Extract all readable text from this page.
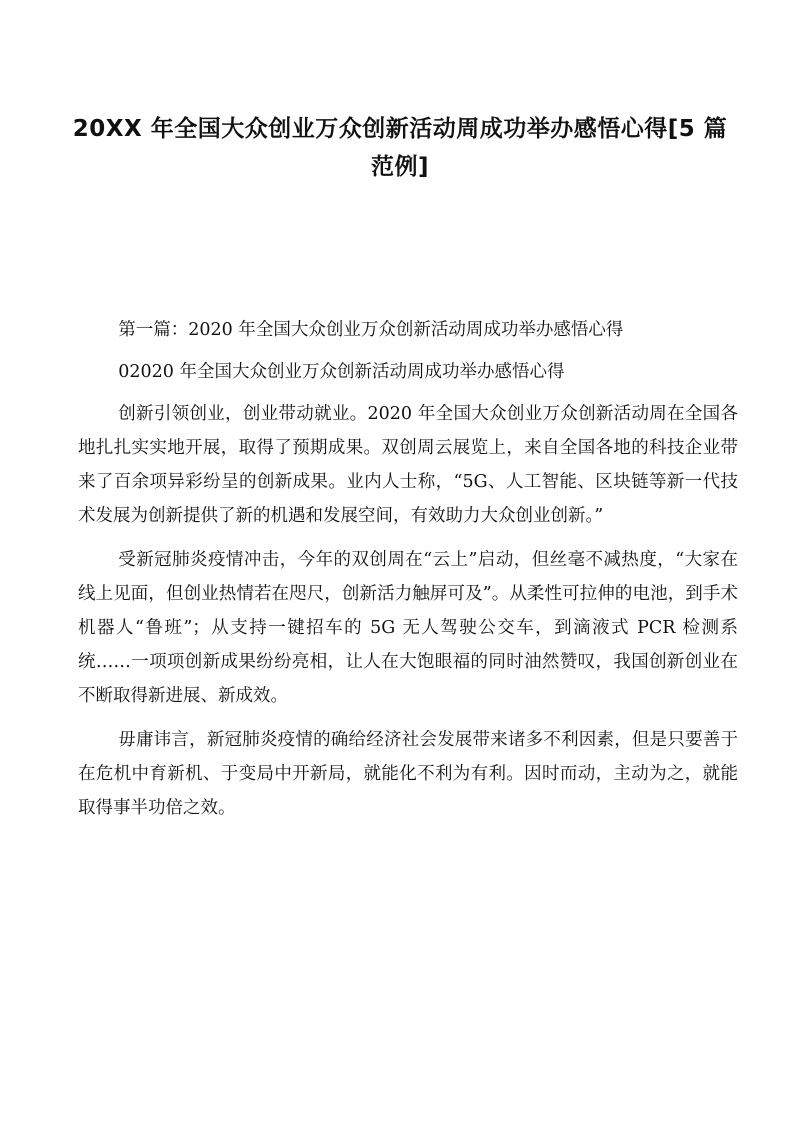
20XX 年全国大众创业万众创新活动周成功举办感悟心得[5 篇范例]

第一篇：2020 年全国大众创业万众创新活动周成功举办感悟心得

02020 年全国大众创业万众创新活动周成功举办感悟心得

创新引领创业，创业带动就业。2020 年全国大众创业万众创新活动周在全国各地扎扎实实地开展，取得了预期成果。双创周云展览上，来自全国各地的科技企业带来了百余项异彩纷呈的创新成果。业内人士称，“5G、人工智能、区块链等新一代技术发展为创新提供了新的机遇和发展空间，有效助力大众创业创新。”

受新冠肺炎疫情冲击，今年的双创周在“云上”启动，但丝毫不减热度，“大家在线上见面，但创业热情若在咫尺，创新活力触屏可及”。从柔性可拉伸的电池，到手术机器人“鲁班”；从支持一键招车的 5G 无人驾驶公交车，到滴液式 PCR 检测系统……一项项创新成果纷纷亮相，让人在大饱眼福的同时油然赞叹，我国创新创业在不断取得新进展、新成效。

毋庸讳言，新冠肺炎疫情的确给经济社会发展带来诸多不利因素，但是只要善于在危机中育新机、于变局中开新局，就能化不利为有利。因时而动，主动为之，就能取得事半功倍之效。
